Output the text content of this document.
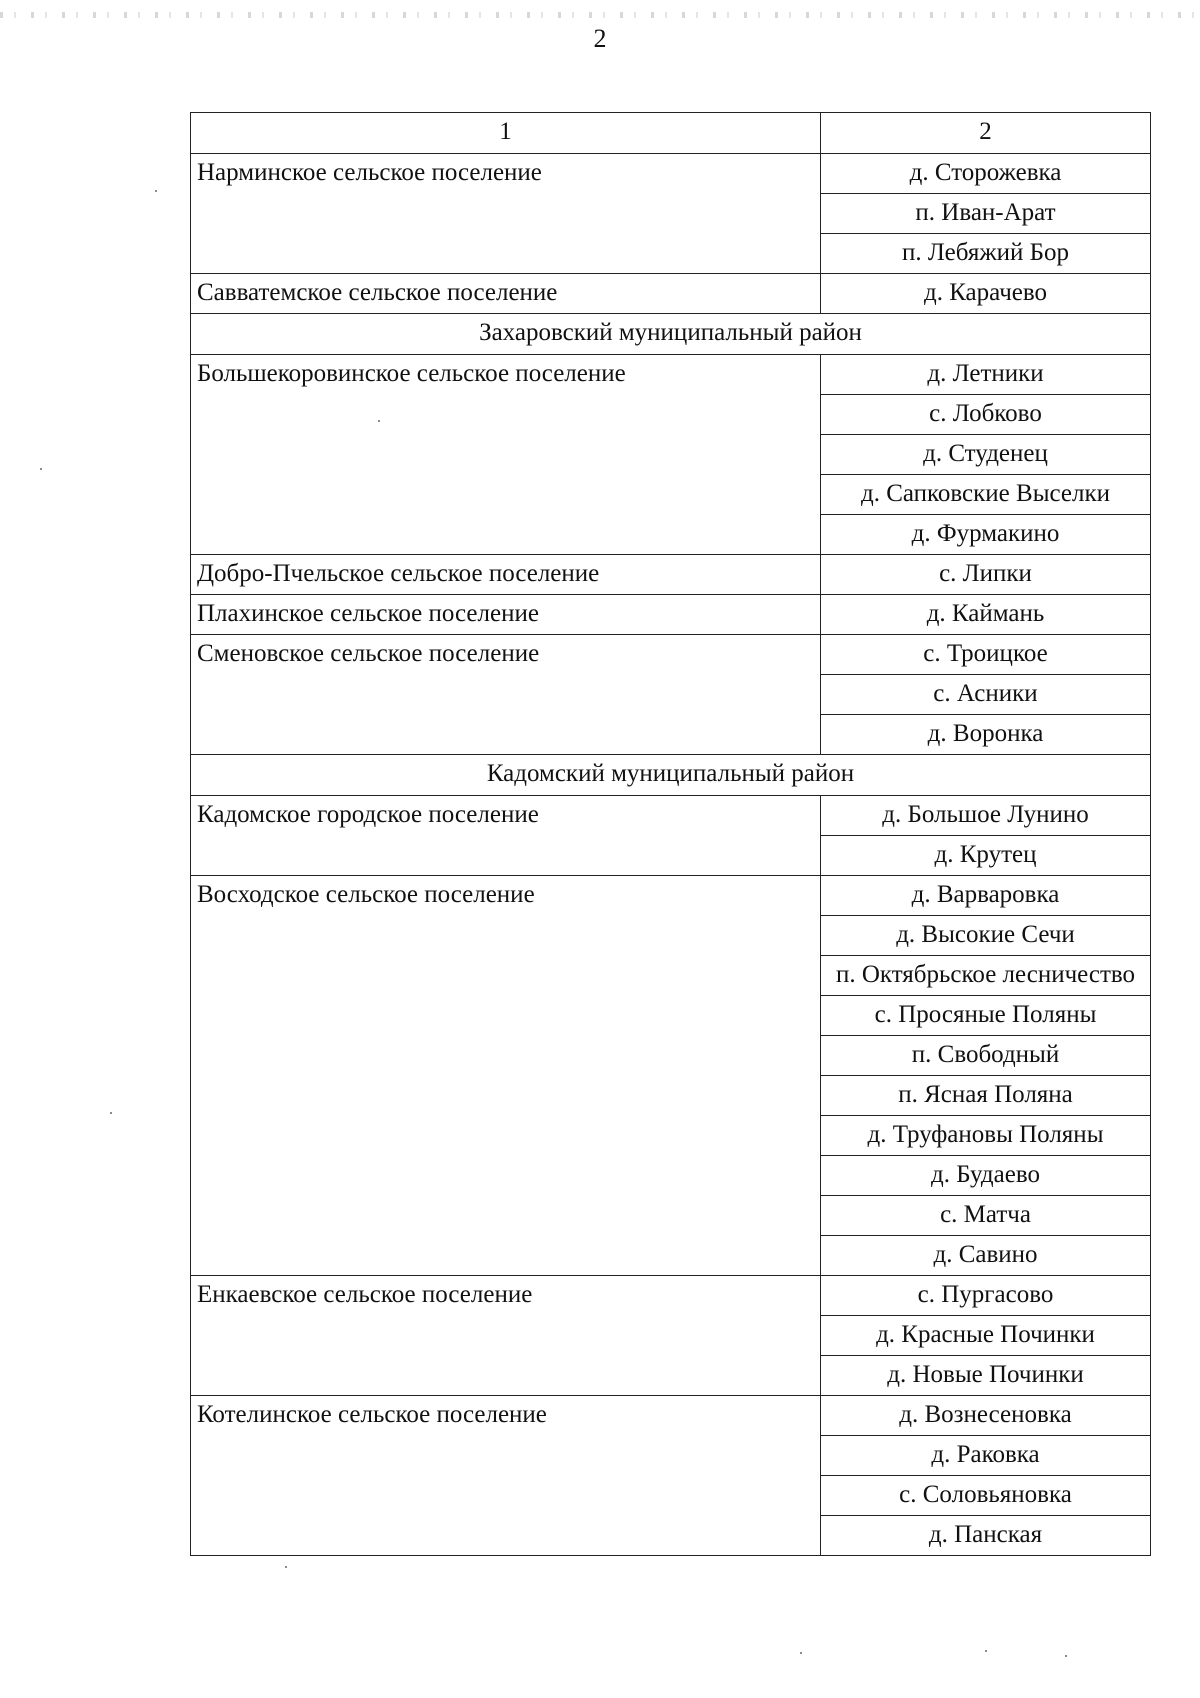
2
1	2
Нарминское сельское поселение	д. Сторожевка
	п. Иван-Арат
	п. Лебяжий Бор
Савватемское сельское поселение	д. Карачево
Захаровский муниципальный район	
Большекоровинское сельское поселение	д. Летники
	с. Лобково
	д. Студенец
	д. Сапковские Выселки
	д. Фурмакино
Добро-Пчельское сельское поселение	с. Липки
Плахинское сельское поселение	д. Каймань
Сменовское сельское поселение	с. Троицкое
	с. Асники
	д. Воронка
Кадомский муниципальный район	
Кадомское городское поселение	д. Большое Лунино
	д. Крутец
Восходское сельское поселение	д. Варваровка
	д. Высокие Сечи
	п. Октябрьское лесничество
	с. Просяные Поляны
	п. Свободный
	п. Ясная Поляна
	д. Труфановы Поляны
	д. Будаево
	с. Матча
	д. Савино
Енкаевское сельское поселение	с. Пургасово
	д. Красные Починки
	д. Новые Починки
Котелинское сельское поселение	д. Вознесеновка
	д. Раковка
	с. Соловьяновка
	д. Панская
